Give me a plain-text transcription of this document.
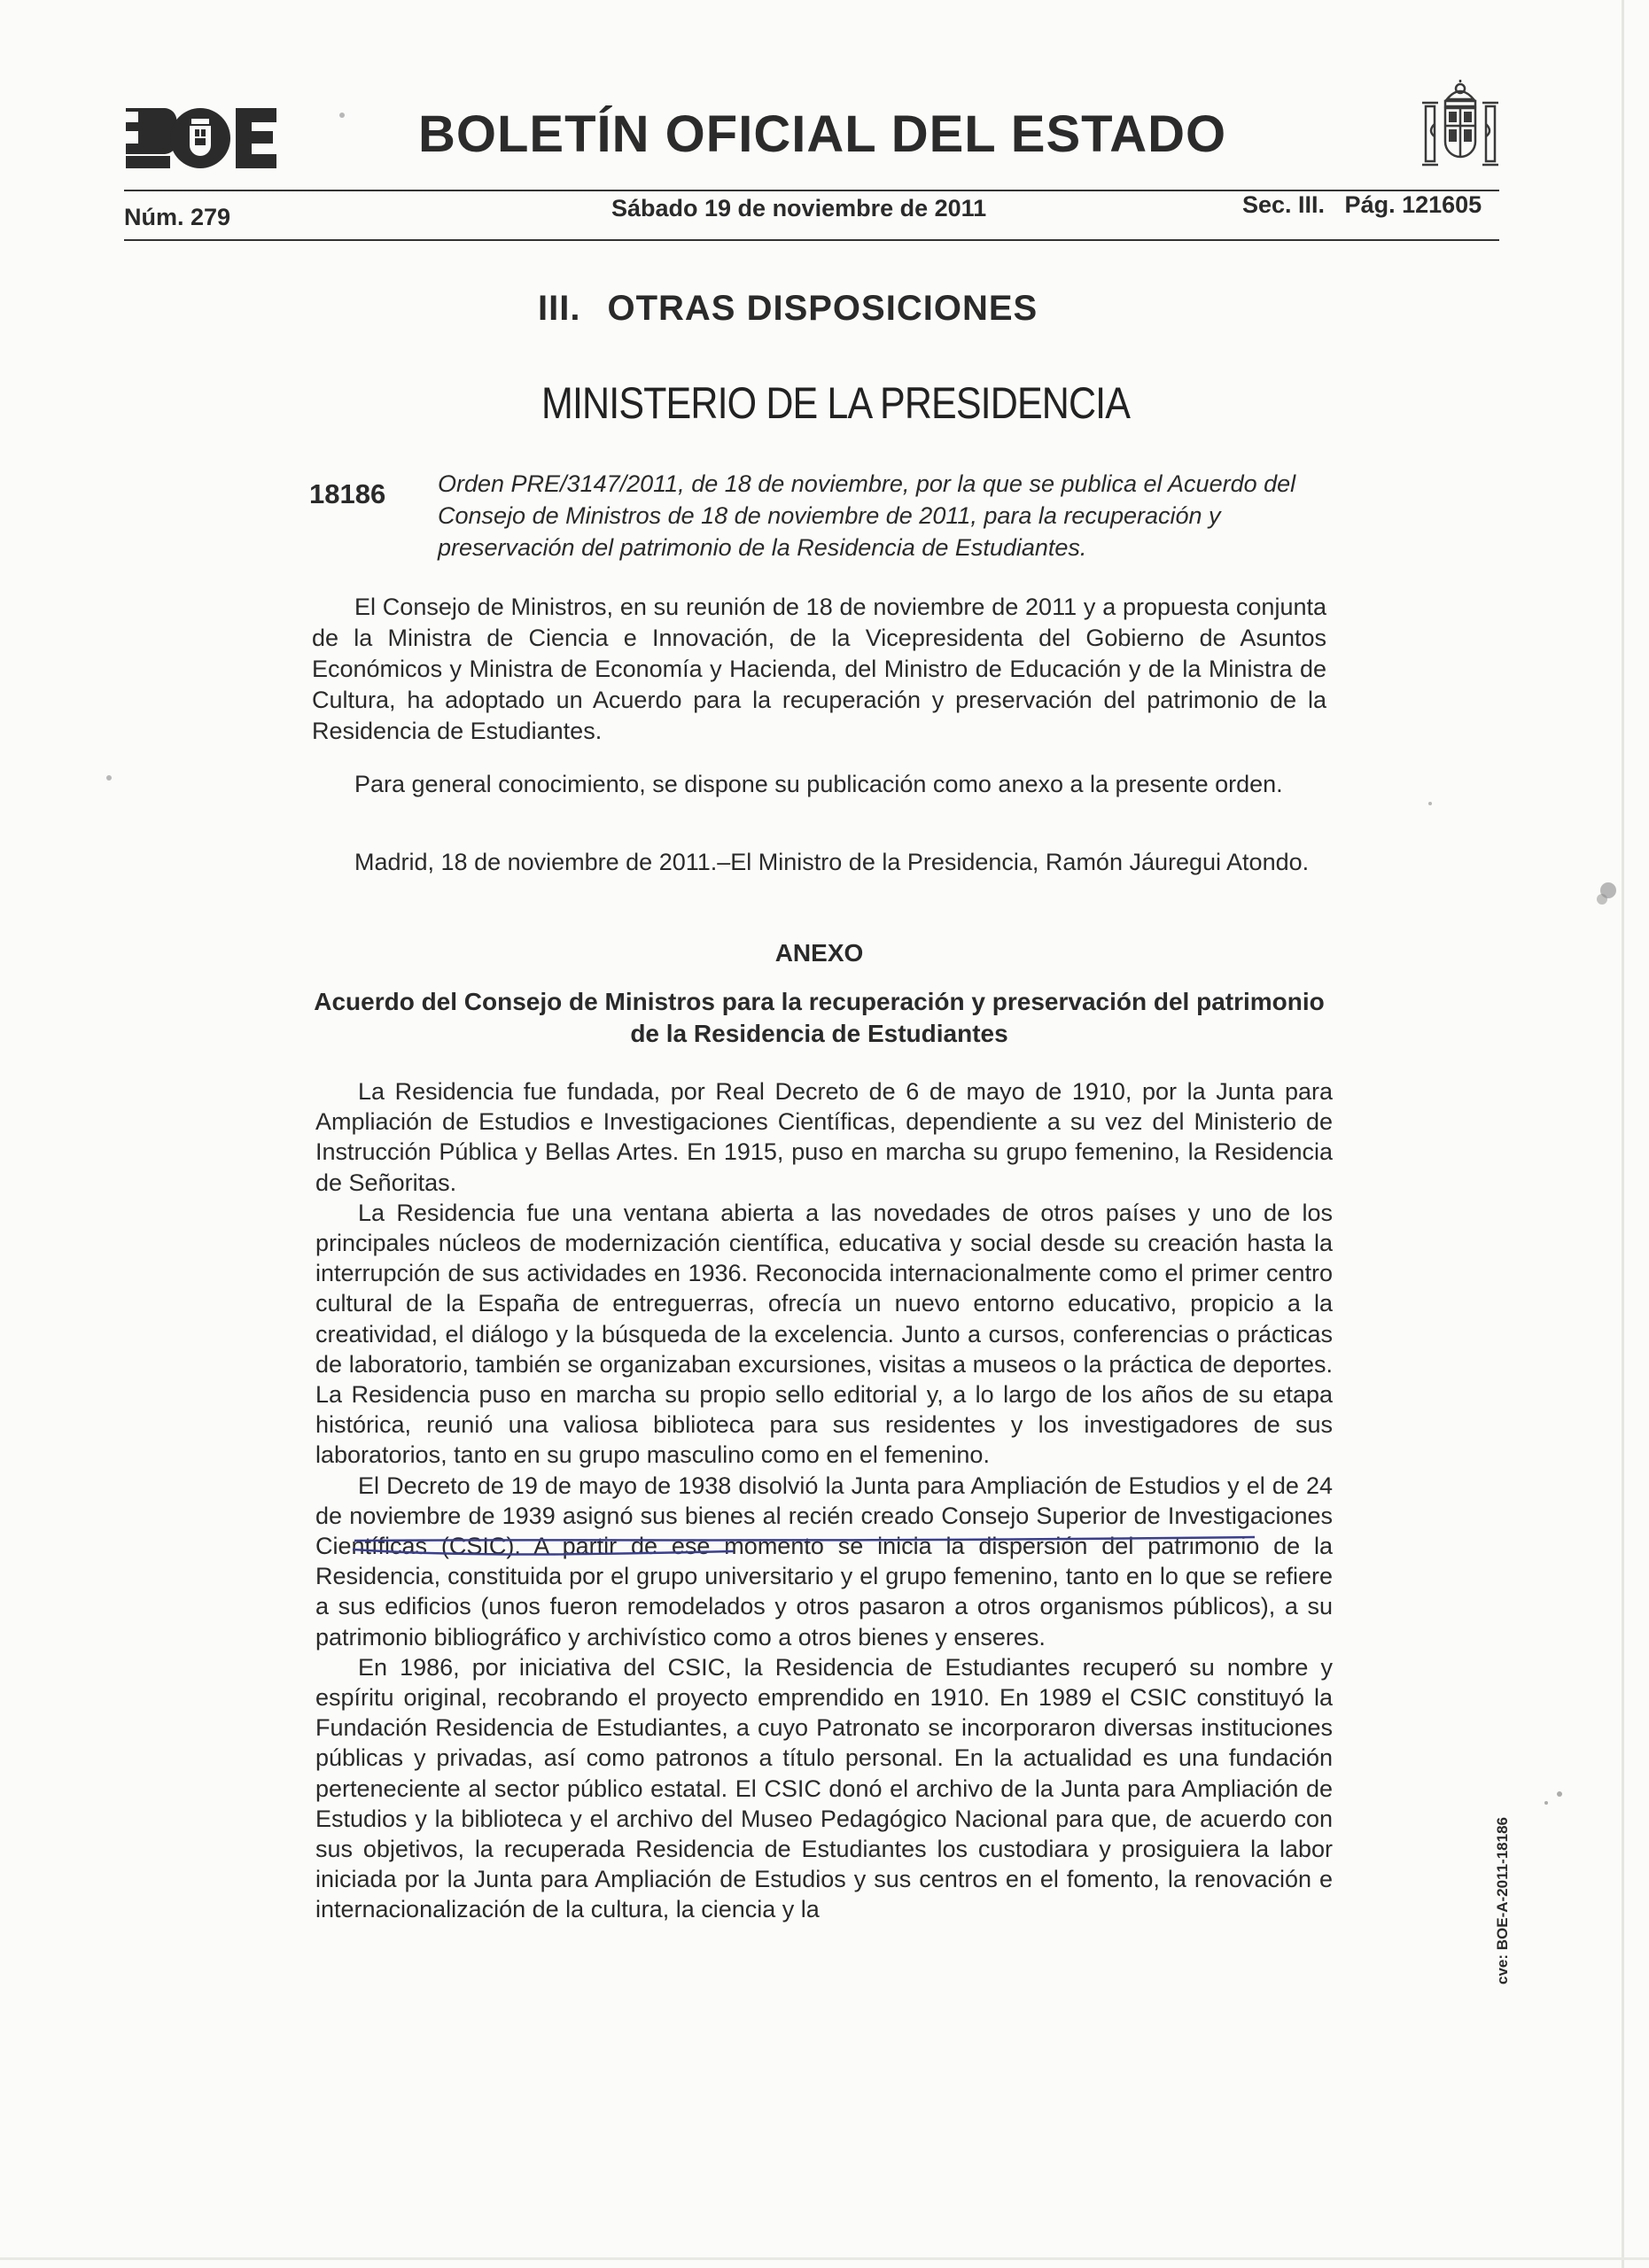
BOE
BOLETÍN OFICIAL DEL ESTADO
Núm. 279	Sábado 19 de noviembre de 2011	Sec. III.   Pág. 121605
III. OTRAS DISPOSICIONES
MINISTERIO DE LA PRESIDENCIA
18186 Orden PRE/3147/2011, de 18 de noviembre, por la que se publica el Acuerdo del Consejo de Ministros de 18 de noviembre de 2011, para la recuperación y preservación del patrimonio de la Residencia de Estudiantes.

El Consejo de Ministros, en su reunión de 18 de noviembre de 2011 y a propuesta conjunta de la Ministra de Ciencia e Innovación, de la Vicepresidenta del Gobierno de Asuntos Económicos y Ministra de Economía y Hacienda, del Ministro de Educación y de la Ministra de Cultura, ha adoptado un Acuerdo para la recuperación y preservación del patrimonio de la Residencia de Estudiantes.

Para general conocimiento, se dispone su publicación como anexo a la presente orden.

Madrid, 18 de noviembre de 2011.–El Ministro de la Presidencia, Ramón Jáuregui Atondo.

ANEXO
Acuerdo del Consejo de Ministros para la recuperación y preservación del patrimonio de la Residencia de Estudiantes

La Residencia fue fundada, por Real Decreto de 6 de mayo de 1910, por la Junta para Ampliación de Estudios e Investigaciones Científicas, dependiente a su vez del Ministerio de Instrucción Pública y Bellas Artes. En 1915, puso en marcha su grupo femenino, la Residencia de Señoritas.

La Residencia fue una ventana abierta a las novedades de otros países y uno de los principales núcleos de modernización científica, educativa y social desde su creación hasta la interrupción de sus actividades en 1936. Reconocida internacionalmente como el primer centro cultural de la España de entreguerras, ofrecía un nuevo entorno educativo, propicio a la creatividad, el diálogo y la búsqueda de la excelencia. Junto a cursos, conferencias o prácticas de laboratorio, también se organizaban excursiones, visitas a museos o la práctica de deportes. La Residencia puso en marcha su propio sello editorial y, a lo largo de los años de su etapa histórica, reunió una valiosa biblioteca para sus residentes y los investigadores de sus laboratorios, tanto en su grupo masculino como en el femenino.

El Decreto de 19 de mayo de 1938 disolvió la Junta para Ampliación de Estudios y el de 24 de noviembre de 1939 asignó sus bienes al recién creado Consejo Superior de Investigaciones Científicas (CSIC). A partir de ese momento se inicia la dispersión del patrimonio de la Residencia, constituida por el grupo universitario y el grupo femenino, tanto en lo que se refiere a sus edificios (unos fueron remodelados y otros pasaron a otros organismos públicos), a su patrimonio bibliográfico y archivístico como a otros bienes y enseres.

En 1986, por iniciativa del CSIC, la Residencia de Estudiantes recuperó su nombre y espíritu original, recobrando el proyecto emprendido en 1910. En 1989 el CSIC constituyó la Fundación Residencia de Estudiantes, a cuyo Patronato se incorporaron diversas instituciones públicas y privadas, así como patronos a título personal. En la actualidad es una fundación perteneciente al sector público estatal. El CSIC donó el archivo de la Junta para Ampliación de Estudios y la biblioteca y el archivo del Museo Pedagógico Nacional para que, de acuerdo con sus objetivos, la recuperada Residencia de Estudiantes los custodiara y prosiguiera la labor iniciada por la Junta para Ampliación de Estudios y sus centros en el fomento, la renovación e internacionalización de la cultura, la ciencia y la	cve: BOE-A-2011-18186
